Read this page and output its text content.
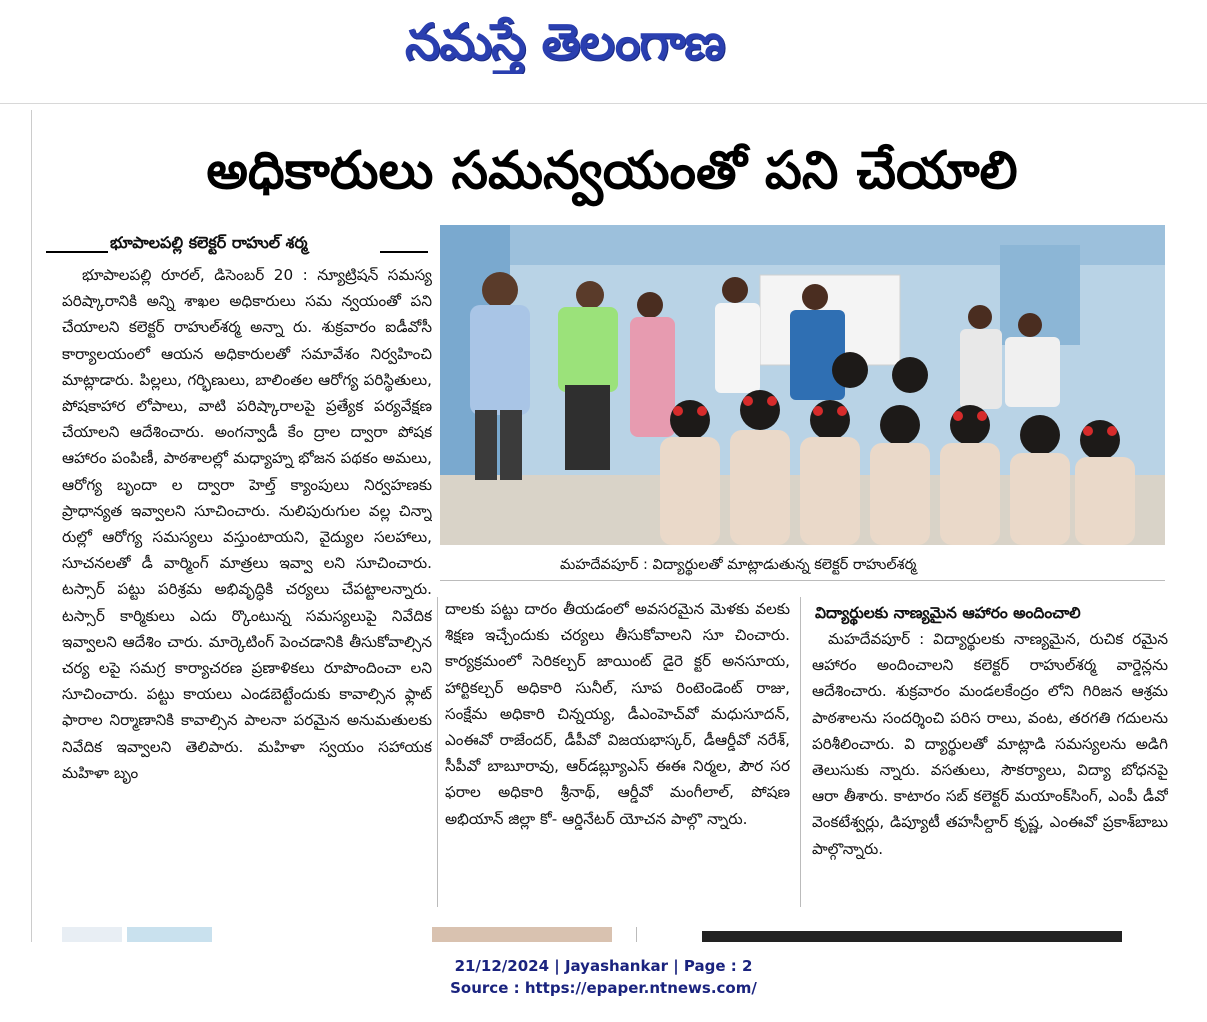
నమస్తే తెలంగాణ
అధికారులు సమన్వయంతో పని చేయాలి
భూపాలపల్లి కలెక్టర్ రాహుల్ శర్మ
భూపాలపల్లి రూరల్, డిసెంబర్ 20 : న్యూట్రిషన్ సమస్య పరిష్కారానికి అన్ని శాఖల అధికారులు సమ న్వయంతో పని చేయాలని కలెక్టర్ రాహుల్‌శర్మ అన్నా రు. శుక్రవారం ఐడీవోసీ కార్యాలయంలో ఆయన అధికారులతో సమావేశం నిర్వహించి మాట్లాడారు. పిల్లలు, గర్భిణులు, బాలింతల ఆరోగ్య పరిస్థితులు, పోషకాహార లోపాలు, వాటి పరిష్కారాలపై ప్రత్యేక పర్యవేక్షణ చేయాలని ఆదేశించారు. అంగన్వాడీ కేం ద్రాల ద్వారా పోషక ఆహారం పంపిణీ, పాఠశాలల్లో మధ్యాహ్న భోజన పథకం అమలు, ఆరోగ్య బృందా ల ద్వారా హెల్త్ క్యాంపులు నిర్వహణకు ప్రాధాన్యత ఇవ్వాలని సూచించారు. నులిపురుగుల వల్ల చిన్నా రుల్లో ఆరోగ్య సమస్యలు వస్తుంటాయని, వైద్యుల సలహాలు, సూచనలతో డీ వార్మింగ్ మాత్రలు ఇవ్వా లని సూచించారు. టస్సార్ పట్టు పరిశ్రమ అభివృద్ధికి చర్యలు చేపట్టాలన్నారు. టస్సార్ కార్మికులు ఎదు ర్కొంటున్న సమస్యలుపై నివేదిక ఇవ్వాలని ఆదేశిం చారు. మార్కెటింగ్ పెంచడానికి తీసుకోవాల్సిన చర్య లపై సమగ్ర కార్యాచరణ ప్రణాళికలు రూపొందించా లని సూచించారు. పట్టు కాయలు ఎండబెట్టేందుకు కావాల్సిన ఫ్లాట్ ఫారాల నిర్మాణానికి కావాల్సిన పాలనా పరమైన అనుమతులకు నివేదిక ఇవ్వాలని తెలిపారు. మహిళా స్వయం సహాయక మహిళా బృం
మహదేవపూర్ : విద్యార్థులతో మాట్లాడుతున్న కలెక్టర్ రాహుల్‌శర్మ
దాలకు పట్టు దారం తీయడంలో అవసరమైన మెళకు వలకు శిక్షణ ఇచ్చేందుకు చర్యలు తీసుకోవాలని సూ చించారు. కార్యక్రమంలో సెరికల్చర్ జాయింట్ డైరె క్టర్ అనసూయ, హార్టికల్చర్ అధికారి సునీల్, సూప రింటెండెంట్ రాజు, సంక్షేమ అధికారి చిన్నయ్య, డీఎంహెచ్‌వో మధుసూదన్, ఎంఈవో రాజేందర్, డీపీవో విజయభాస్కర్, డీఆర్డీవో నరేశ్, సీపీవో బాబూరావు, ఆర్‌డబ్ల్యూఎస్ ఈఈ నిర్మల, పౌర సర ఫరాల అధికారి శ్రీనాథ్, ఆర్డీవో మంగీలాల్, పోషణ అభియాన్ జిల్లా కో- ఆర్డినేటర్ యోచన పాల్గొ న్నారు.
విద్యార్థులకు నాణ్యమైన ఆహారం అందించాలి
మహదేవపూర్ : విద్యార్థులకు నాణ్యమైన, రుచిక రమైన ఆహారం అందించాలని కలెక్టర్ రాహుల్‌శర్మ వార్డెన్లను ఆదేశించారు. శుక్రవారం మండలకేంద్రం లోని గిరిజన ఆశ్రమ పాఠశాలను సందర్శించి పరిస రాలు, వంట, తరగతి గదులను పరిశీలించారు. వి ద్యార్థులతో మాట్లాడి సమస్యలను అడిగి తెలుసుకు న్నారు. వసతులు, సౌకర్యాలు, విద్యా బోధనపై ఆరా తీశారు. కాటారం సబ్ కలెక్టర్ మయాంక్‌సింగ్, ఎంపీ డీవో వెంకటేశ్వర్లు, డిప్యూటీ తహసీల్దార్ కృష్ణ, ఎంఈవో ప్రకాశ్‌బాబు పాల్గొన్నారు.
21/12/2024 | Jayashankar | Page : 2
Source : https://epaper.ntnews.com/
